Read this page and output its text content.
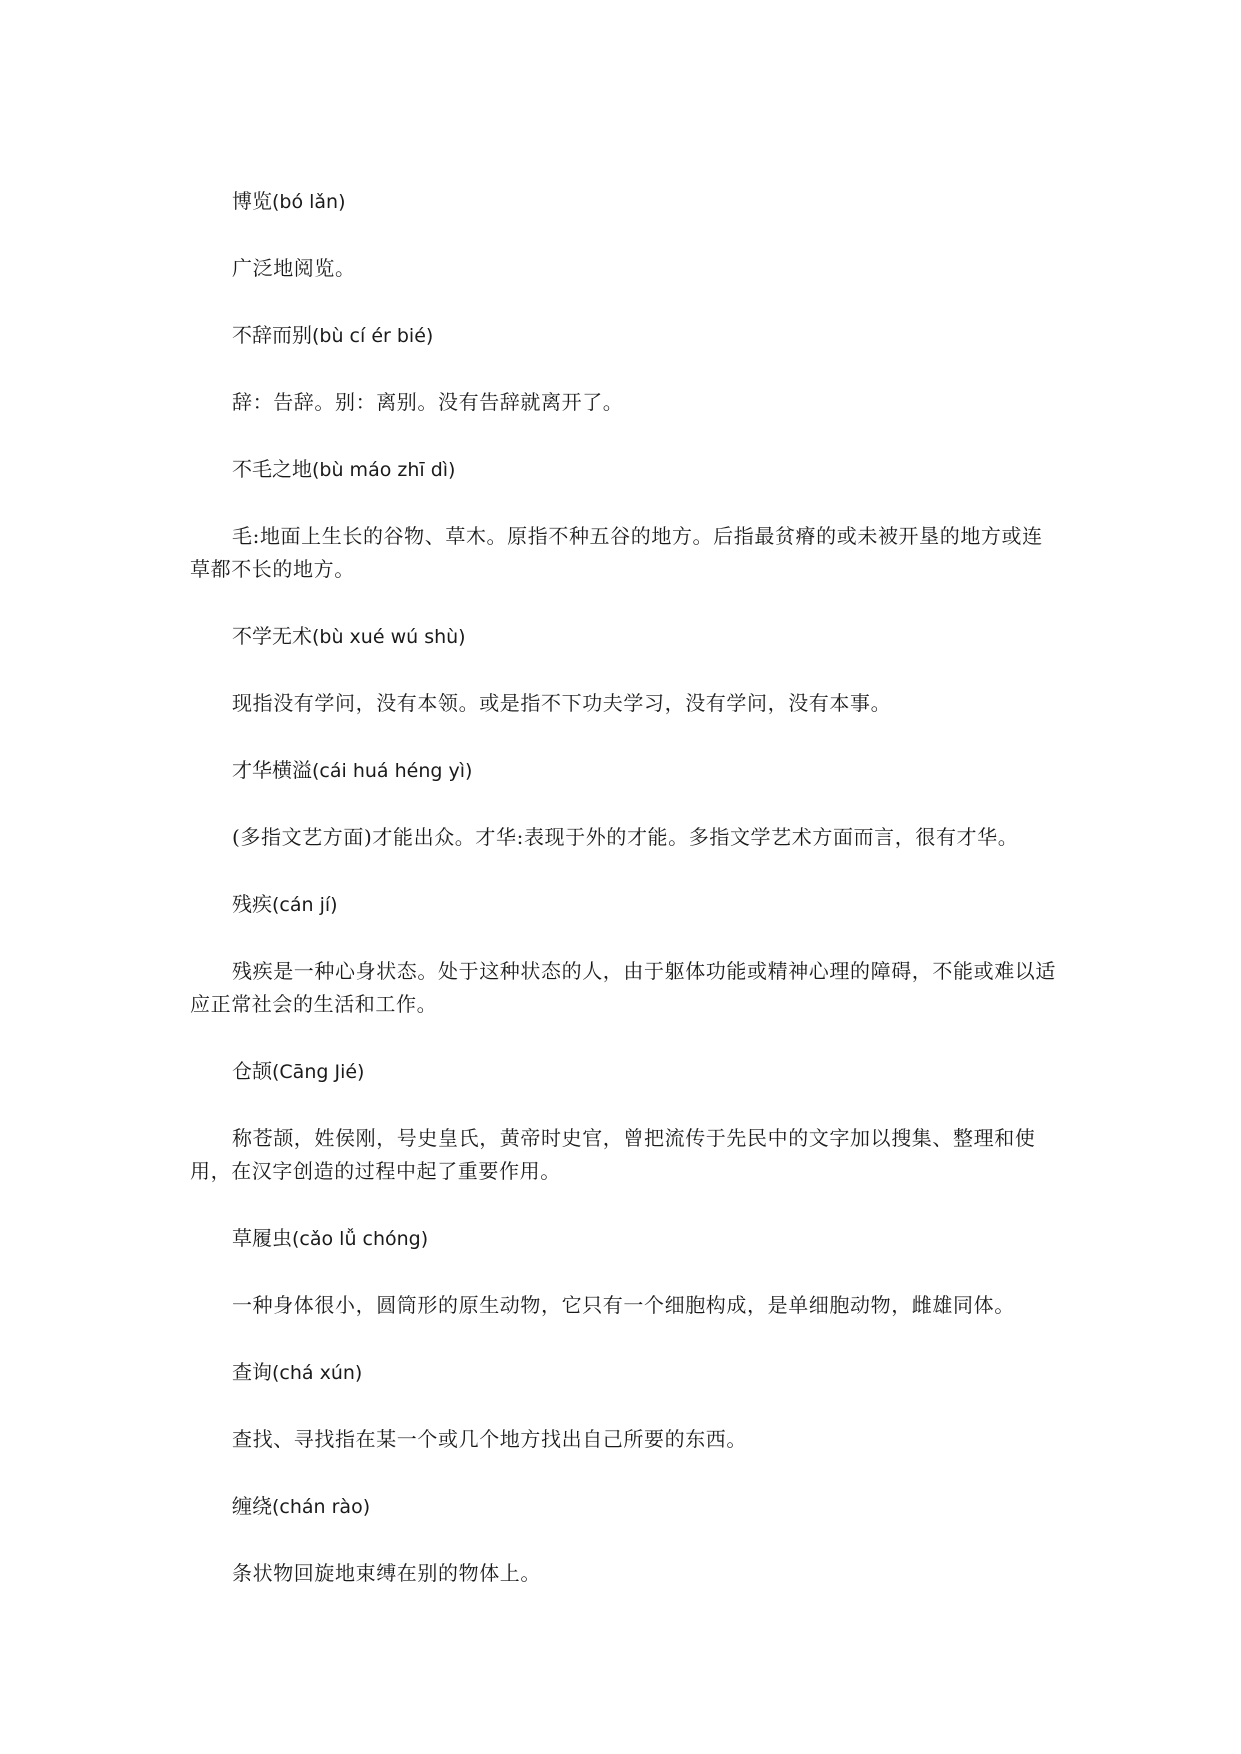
博览(bó lǎn)

广泛地阅览。

不辞而别(bù cí ér bié)

辞：告辞。别：离别。没有告辞就离开了。

不毛之地(bù máo zhī dì)

毛:地面上生长的谷物、草木。原指不种五谷的地方。后指最贫瘠的或未被开垦的地方或连草都不长的地方。

不学无术(bù xué wú shù)

现指没有学问，没有本领。或是指不下功夫学习，没有学问，没有本事。

才华横溢(cái huá héng yì)

(多指文艺方面)才能出众。才华:表现于外的才能。多指文学艺术方面而言，很有才华。

残疾(cán jí)

残疾是一种心身状态。处于这种状态的人，由于躯体功能或精神心理的障碍，不能或难以适应正常社会的生活和工作。

仓颉(Cāng Jié)

称苍颉，姓侯刚，号史皇氏，黄帝时史官，曾把流传于先民中的文字加以搜集、整理和使用，在汉字创造的过程中起了重要作用。

草履虫(cǎo lǚ chóng)

一种身体很小，圆筒形的原生动物，它只有一个细胞构成，是单细胞动物，雌雄同体。

查询(chá xún)

查找、寻找指在某一个或几个地方找出自己所要的东西。

缠绕(chán rào)

条状物回旋地束缚在别的物体上。
